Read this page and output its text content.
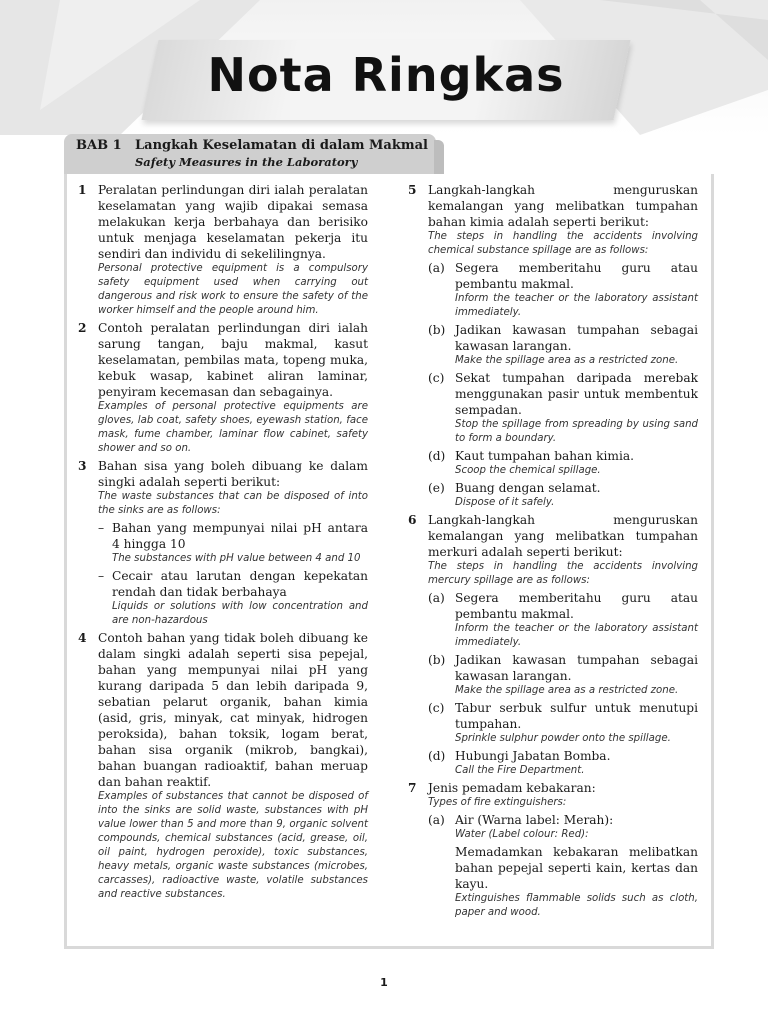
Nota Ringkas
BAB 1 Langkah Keselamatan di dalam Makmal
Safety Measures in the Laboratory
1 Peralatan perlindungan diri ialah peralatan keselamatan yang wajib dipakai semasa melakukan kerja berbahaya dan berisiko untuk menjaga keselamatan pekerja itu sendiri dan individu di sekelilingnya.
Personal protective equipment is a compulsory safety equipment used when carrying out dangerous and risk work to ensure the safety of the worker himself and the people around him.
2 Contoh peralatan perlindungan diri ialah sarung tangan, baju makmal, kasut keselamatan, pembilas mata, topeng muka, kebuk wasap, kabinet aliran laminar, penyiram kecemasan dan sebagainya.
Examples of personal protective equipments are gloves, lab coat, safety shoes, eyewash station, face mask, fume chamber, laminar flow cabinet, safety shower and so on.
3 Bahan sisa yang boleh dibuang ke dalam singki adalah seperti berikut:
The waste substances that can be disposed of into the sinks are as follows:
– Bahan yang mempunyai nilai pH antara 4 hingga 10
The substances with pH value between 4 and 10
– Cecair atau larutan dengan kepekatan rendah dan tidak berbahaya
Liquids or solutions with low concentration and are non-hazardous
4 Contoh bahan yang tidak boleh dibuang ke dalam singki adalah seperti sisa pepejal, bahan yang mempunyai nilai pH yang kurang daripada 5 dan lebih daripada 9, sebatian pelarut organik, bahan kimia (asid, gris, minyak, cat minyak, hidrogen peroksida), bahan toksik, logam berat, bahan sisa organik (mikrob, bangkai), bahan buangan radioaktif, bahan meruap dan bahan reaktif.
Examples of substances that cannot be disposed of into the sinks are solid waste, substances with pH value lower than 5 and more than 9, organic solvent compounds, chemical substances (acid, grease, oil, oil paint, hydrogen peroxide), toxic substances, heavy metals, organic waste substances (microbes, carcasses), radioactive waste, volatile substances and reactive substances.
5 Langkah-langkah menguruskan kemalangan yang melibatkan tumpahan bahan kimia adalah seperti berikut:
The steps in handling the accidents involving chemical substance spillage are as follows:
(a) Segera memberitahu guru atau pembantu makmal.
Inform the teacher or the laboratory assistant immediately.
(b) Jadikan kawasan tumpahan sebagai kawasan larangan.
Make the spillage area as a restricted zone.
(c) Sekat tumpahan daripada merebak menggunakan pasir untuk membentuk sempadan.
Stop the spillage from spreading by using sand to form a boundary.
(d) Kaut tumpahan bahan kimia.
Scoop the chemical spillage.
(e) Buang dengan selamat.
Dispose of it safely.
6 Langkah-langkah menguruskan kemalangan yang melibatkan tumpahan merkuri adalah seperti berikut:
The steps in handling the accidents involving mercury spillage are as follows:
(a) Segera memberitahu guru atau pembantu makmal.
Inform the teacher or the laboratory assistant immediately.
(b) Jadikan kawasan tumpahan sebagai kawasan larangan.
Make the spillage area as a restricted zone.
(c) Tabur serbuk sulfur untuk menutupi tumpahan.
Sprinkle sulphur powder onto the spillage.
(d) Hubungi Jabatan Bomba.
Call the Fire Department.
7 Jenis pemadam kebakaran:
Types of fire extinguishers:
(a) Air (Warna label: Merah):
Water (Label colour: Red):
Memadamkan kebakaran melibatkan bahan pepejal seperti kain, kertas dan kayu.
Extinguishes flammable solids such as cloth, paper and wood.
1
